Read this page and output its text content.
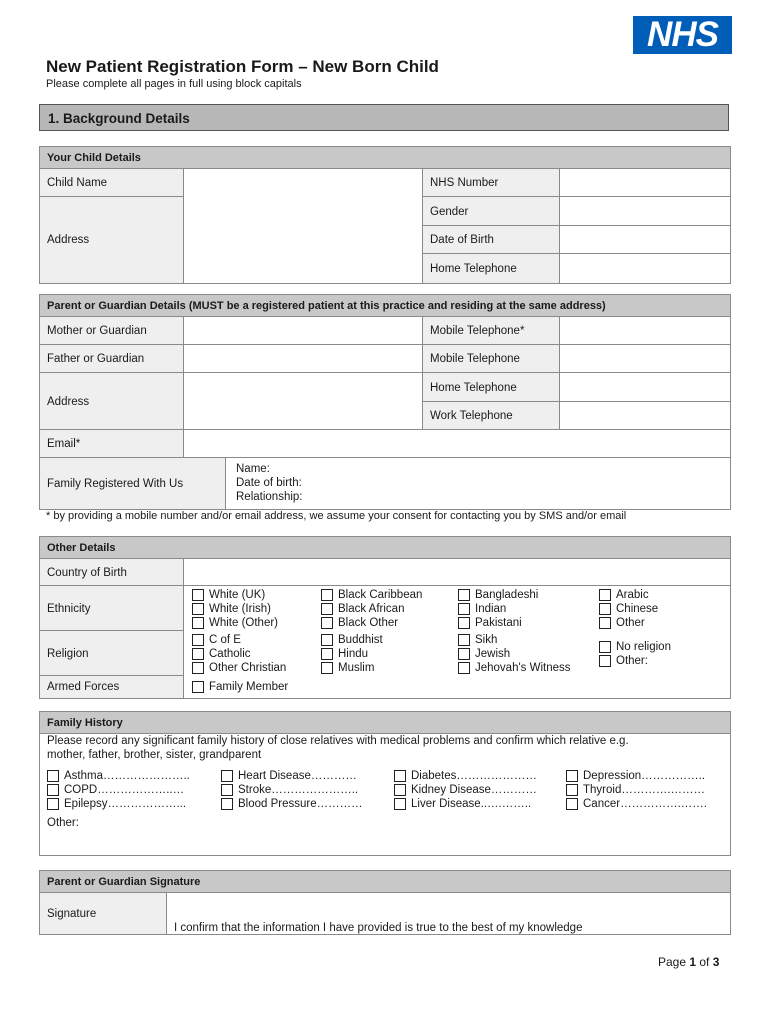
NHS
New Patient Registration Form – New Born Child
Please complete all pages in full using block capitals
1. Background Details
Your Child Details
Child Name
Address
NHS Number
Gender
Date of Birth
Home Telephone
Parent or Guardian Details (MUST be a registered patient at this practice and residing at the same address)
Mother or Guardian
Father or Guardian
Address
Mobile Telephone*
Mobile Telephone
Home Telephone
Work Telephone
Email*
Family Registered With Us
Name:
Date of birth:
Relationship:
* by providing a mobile number and/or email address, we assume your consent for contacting you by SMS and/or email
Other Details
Country of Birth
Ethnicity
Religion
Armed Forces
White (UK)
White (Irish)
White (Other)
Black Caribbean
Black African
Black Other
Bangladeshi
Indian
Pakistani
Arabic
Chinese
Other
C of E
Catholic
Other Christian
Buddhist
Hindu
Muslim
Sikh
Jewish
Jehovah's Witness
No religion
Other:
Family Member
Family History
Please record any significant family history of close relatives with medical problems and confirm which relative e.g.
mother, father, brother, sister, grandparent
Asthma…………………..
COPD………………..…
Epilepsy………………...
Heart Disease…………
Stroke…………………..
Blood Pressure…………
Diabetes…………………
Kidney Disease…………
Liver Disease..….……..
Depression……………..
Thyroid………….………
Cancer…………….…….
Other:
Parent or Guardian Signature
Signature
I confirm that the information I have provided is true to the best of my knowledge
Page 1 of 3
